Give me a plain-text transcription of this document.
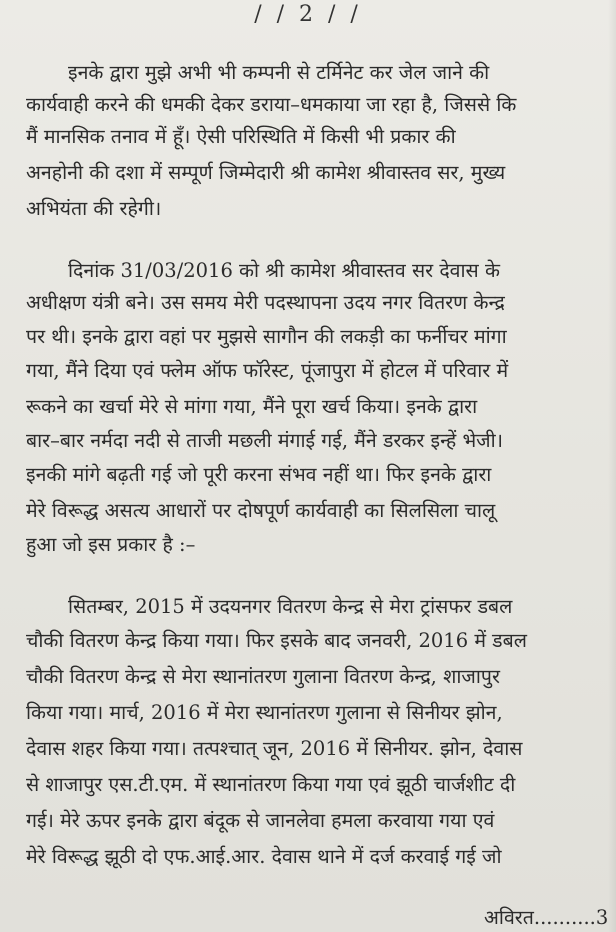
/ / 2 / /
इनके द्वारा मुझे अभी भी कम्पनी से टर्मिनेट कर जेल जाने की
कार्यवाही करने की धमकी देकर डराया–धमकाया जा रहा है, जिससे कि
मैं मानसिक तनाव में हूँ। ऐसी परिस्थिति में किसी भी प्रकार की
अनहोनी की दशा में सम्पूर्ण जिम्मेदारी श्री कामेश श्रीवास्तव सर, मुख्य
अभियंता की रहेगी।
दिनांक 31/03/2016 को श्री कामेश श्रीवास्तव सर देवास के
अधीक्षण यंत्री बने। उस समय मेरी पदस्थापना उदय नगर वितरण केन्द्र
पर थी। इनके द्वारा वहां पर मुझसे सागौन की लकड़ी का फर्नीचर मांगा
गया, मैंने दिया एवं फ्लेम ऑफ फॉरेस्ट, पूंजापुरा में होटल में परिवार में
रूकने का खर्चा मेरे से मांगा गया, मैंने पूरा खर्च किया। इनके द्वारा
बार–बार नर्मदा नदी से ताजी मछली मंगाई गई, मैंने डरकर इन्हें भेजी।
इनकी मांगे बढ़ती गई जो पूरी करना संभव नहीं था। फिर इनके द्वारा
मेरे विरूद्ध असत्य आधारों पर दोषपूर्ण कार्यवाही का सिलसिला चालू
हुआ जो इस प्रकार है :–
सितम्बर, 2015 में उदयनगर वितरण केन्द्र से मेरा ट्रांसफर डबल
चौकी वितरण केन्द्र किया गया। फिर इसके बाद जनवरी, 2016 में डबल
चौकी वितरण केन्द्र से मेरा स्थानांतरण गुलाना वितरण केन्द्र, शाजापुर
किया गया। मार्च, 2016 में मेरा स्थानांतरण गुलाना से सिनीयर झोन,
देवास शहर किया गया। तत्पश्चात् जून, 2016 में सिनीयर. झोन, देवास
से शाजापुर एस.टी.एम. में स्थानांतरण किया गया एवं झूठी चार्जशीट दी
गई। मेरे ऊपर इनके द्वारा बंदूक से जानलेवा हमला करवाया गया एवं
मेरे विरूद्ध झूठी दो एफ.आई.आर. देवास थाने में दर्ज करवाई गई जो
अविरत..........3
